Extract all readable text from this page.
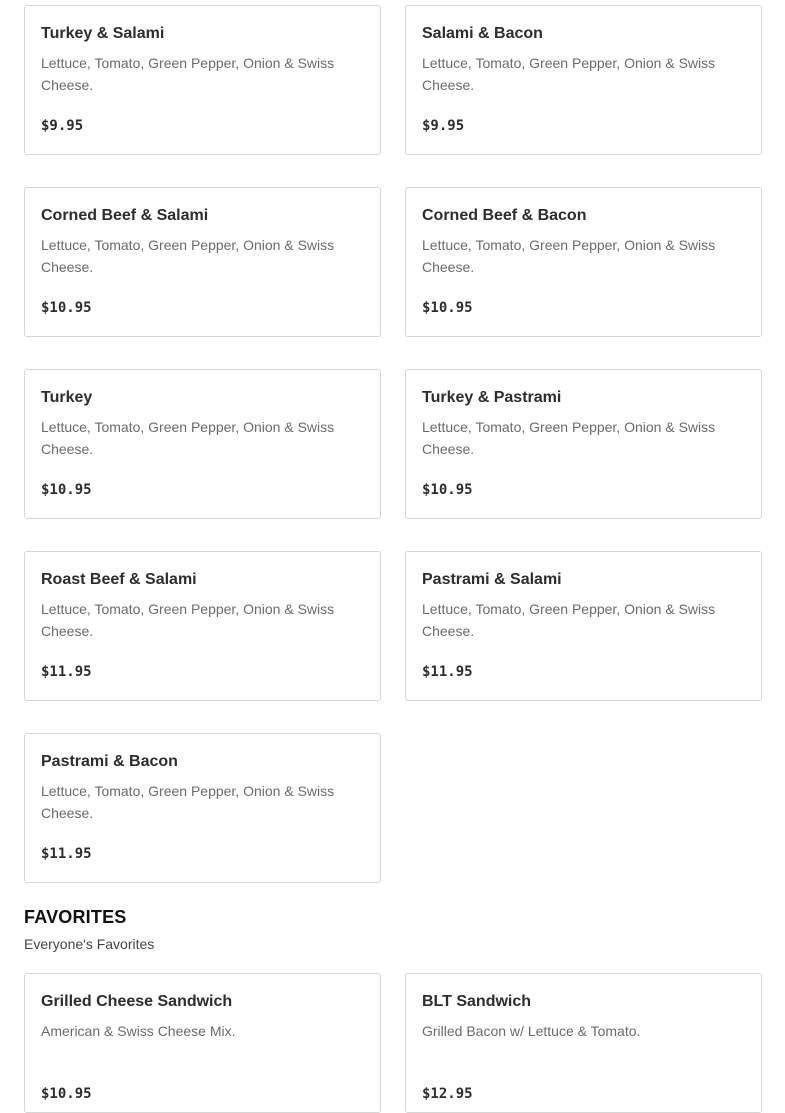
Turkey & Salami
Lettuce, Tomato, Green Pepper, Onion & Swiss Cheese.
$9.95
Salami & Bacon
Lettuce, Tomato, Green Pepper, Onion & Swiss Cheese.
$9.95
Corned Beef & Salami
Lettuce, Tomato, Green Pepper, Onion & Swiss Cheese.
$10.95
Corned Beef & Bacon
Lettuce, Tomato, Green Pepper, Onion & Swiss Cheese.
$10.95
Turkey
Lettuce, Tomato, Green Pepper, Onion & Swiss Cheese.
$10.95
Turkey & Pastrami
Lettuce, Tomato, Green Pepper, Onion & Swiss Cheese.
$10.95
Roast Beef & Salami
Lettuce, Tomato, Green Pepper, Onion & Swiss Cheese.
$11.95
Pastrami & Salami
Lettuce, Tomato, Green Pepper, Onion & Swiss Cheese.
$11.95
Pastrami & Bacon
Lettuce, Tomato, Green Pepper, Onion & Swiss Cheese.
$11.95
FAVORITES
Everyone's Favorites
Grilled Cheese Sandwich
American & Swiss Cheese Mix.
$10.95
BLT Sandwich
Grilled Bacon w/ Lettuce & Tomato.
$12.95
